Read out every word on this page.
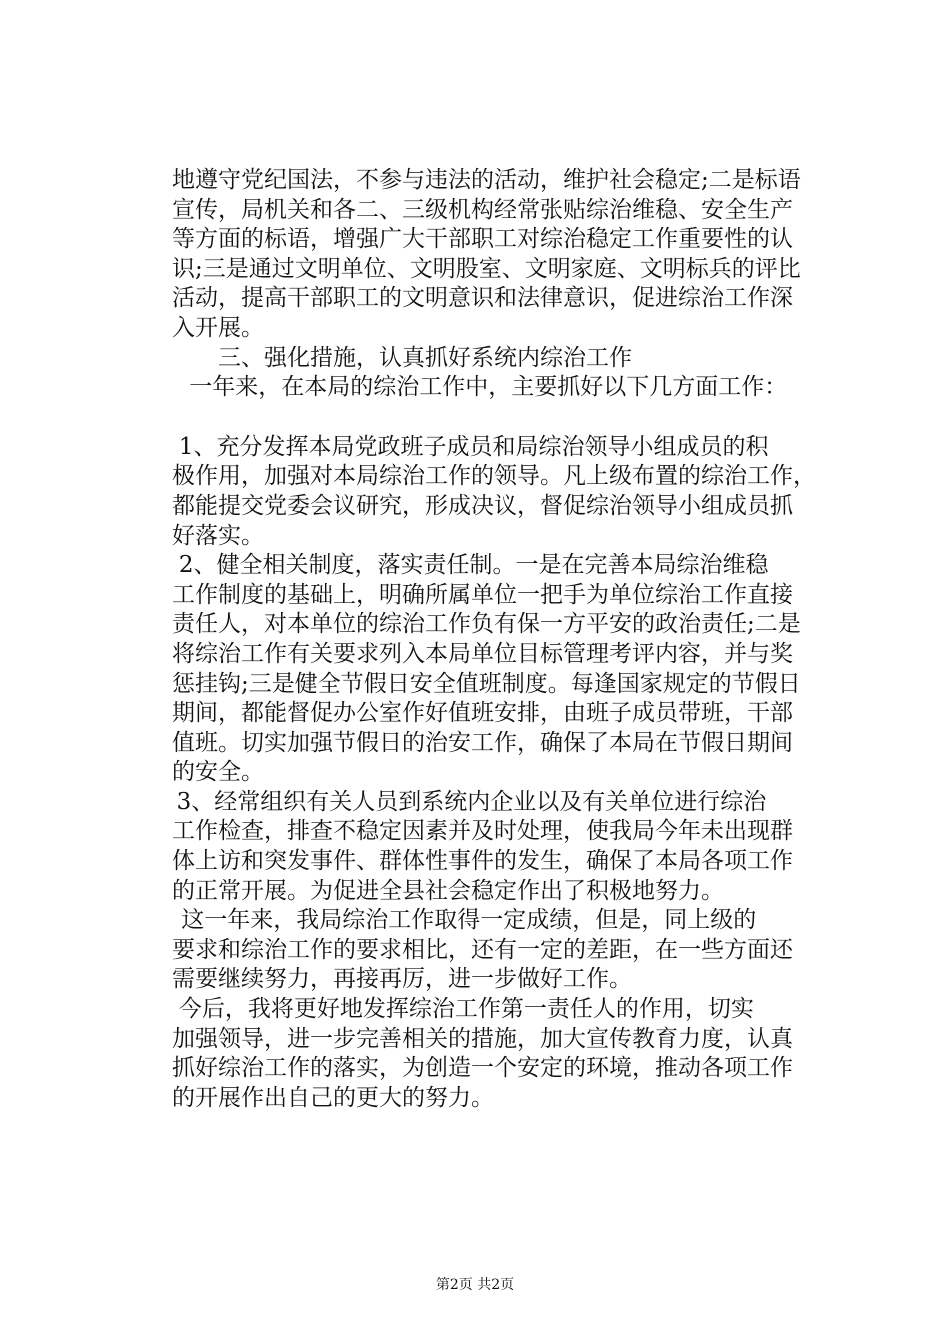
地遵守党纪国法，不参与违法的活动，维护社会稳定;二是标语
宣传，局机关和各二、三级机构经常张贴综治维稳、安全生产
等方面的标语，增强广大干部职工对综治稳定工作重要性的认
识;三是通过文明单位、文明股室、文明家庭、文明标兵的评比
活动，提高干部职工的文明意识和法律意识，促进综治工作深
入开展。
三、强化措施，认真抓好系统内综治工作
一年来，在本局的综治工作中，主要抓好以下几方面工作：
1、充分发挥本局党政班子成员和局综治领导小组成员的积
极作用，加强对本局综治工作的领导。凡上级布置的综治工作，
都能提交党委会议研究，形成决议，督促综治领导小组成员抓
好落实。
2、健全相关制度，落实责任制。一是在完善本局综治维稳
工作制度的基础上，明确所属单位一把手为单位综治工作直接
责任人，对本单位的综治工作负有保一方平安的政治责任;二是
将综治工作有关要求列入本局单位目标管理考评内容，并与奖
惩挂钩;三是健全节假日安全值班制度。每逢国家规定的节假日
期间，都能督促办公室作好值班安排，由班子成员带班，干部
值班。切实加强节假日的治安工作，确保了本局在节假日期间
的安全。
3、经常组织有关人员到系统内企业以及有关单位进行综治
工作检查，排查不稳定因素并及时处理，使我局今年未出现群
体上访和突发事件、群体性事件的发生，确保了本局各项工作
的正常开展。为促进全县社会稳定作出了积极地努力。
这一年来，我局综治工作取得一定成绩，但是，同上级的
要求和综治工作的要求相比，还有一定的差距，在一些方面还
需要继续努力，再接再厉，进一步做好工作。
今后，我将更好地发挥综治工作第一责任人的作用，切实
加强领导，进一步完善相关的措施，加大宣传教育力度，认真
抓好综治工作的落实，为创造一个安定的环境，推动各项工作
的开展作出自己的更大的努力。
第2页 共2页
